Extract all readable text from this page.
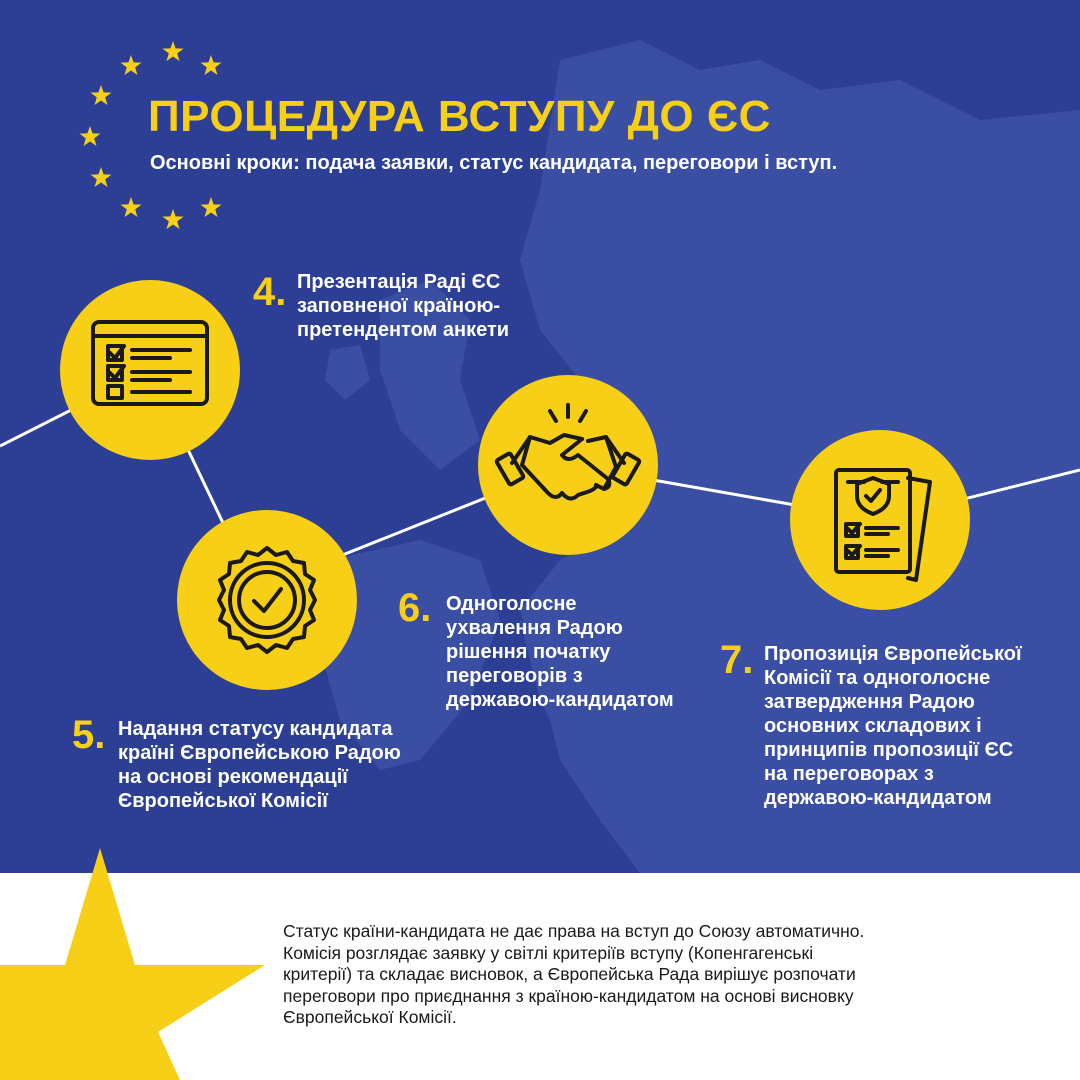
ПРОЦЕДУРА ВСТУПУ ДО ЄС

Основні кроки: подача заявки, статус кандидата, переговори і вступ.

4. Презентація Раді ЄС
заповненої країною-
претендентом анкети
5. Надання статусу кандидата
країні Європейською Радою
на основі рекомендації
Європейської Комісії
6. Одноголосне
ухвалення Радою
рішення початку
переговорів з
державою-кандидатом
7. Пропозиція Європейської
Комісії та одноголосне
затвердження Радою
основних складових і
принципів пропозиції ЄС
на переговорах з
державою-кандидатом
Статус країни-кандидата не дає права на вступ до Союзу автоматично.
Комісія розглядає заявку у світлі критеріїв вступу (Копенгагенські
критерії) та складає висновок, а Європейська Рада вирішує розпочати
переговори про приєднання з країною-кандидатом на основі висновку
Європейської Комісії.
